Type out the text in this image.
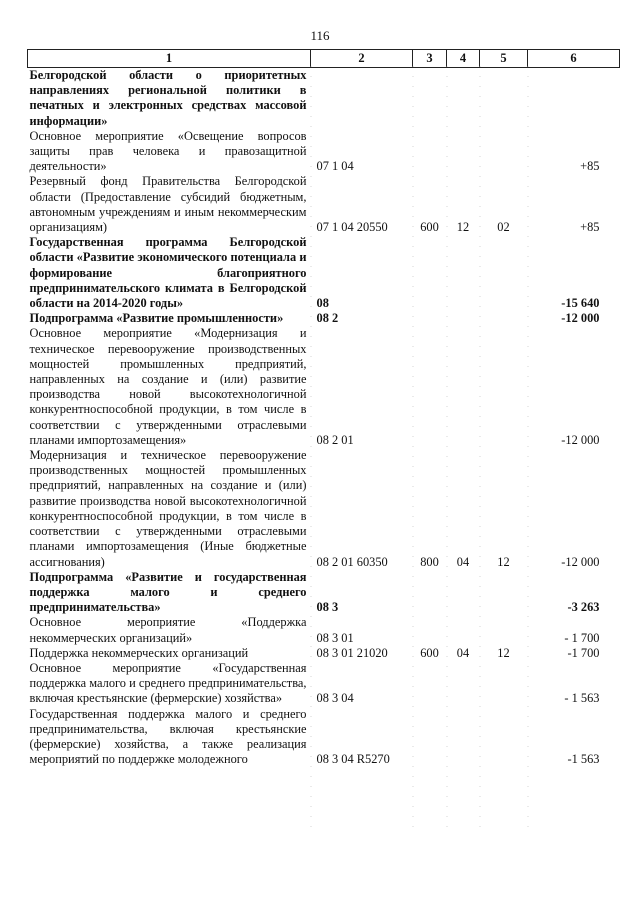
116
1	2	3	4	5	6
Белгородской области о приоритетных направлениях региональной политики в печатных и электронных средствах массовой информации»					
Основное мероприятие «Освещение вопросов защиты прав человека и правозащитной деятельности»	07 1 04				+85
Резервный фонд Правительства Белгородской области (Предоставление субсидий бюджетным, автономным учреждениям и иным некоммерческим организациям)	07 1 04 20550	600	12	02	+85
Государственная программа Белгородской области «Развитие экономического потенциала и формирование благоприятного предпринимательского климата в Белгородской области на 2014-2020 годы»	08				-15 640
Подпрограмма «Развитие промышленности»	08 2				-12 000
Основное мероприятие «Модернизация и техническое перевооружение производственных мощностей промышленных предприятий, направленных на создание и (или) развитие производства новой высокотехнологичной конкурентноспособной продукции, в том числе в соответствии с утвержденными отраслевыми планами импортозамещения»	08 2 01				-12 000
Модернизация и техническое перевооружение производственных мощностей промышленных предприятий, направленных на создание и (или) развитие производства новой высокотехнологичной конкурентноспособной продукции, в том числе в соответствии с утвержденными отраслевыми планами импортозамещения (Иные бюджетные ассигнования)	08 2 01 60350	800	04	12	-12 000
Подпрограмма «Развитие и государственная поддержка малого и среднего предпринимательства»	08 3				-3 263
Основное мероприятие «Поддержка некоммерческих организаций»	08 3 01				- 1 700
Поддержка некоммерческих организаций	08 3 01 21020	600	04	12	-1 700
Основное мероприятие «Государственная поддержка малого и среднего предпринимательства, включая крестьянские (фермерские) хозяйства»	08 3 04				- 1 563
Государственная поддержка малого и среднего предпринимательства, включая крестьянские (фермерские) хозяйства, а также реализация мероприятий по поддержке молодежного	08 3 04 R5270				-1 563
